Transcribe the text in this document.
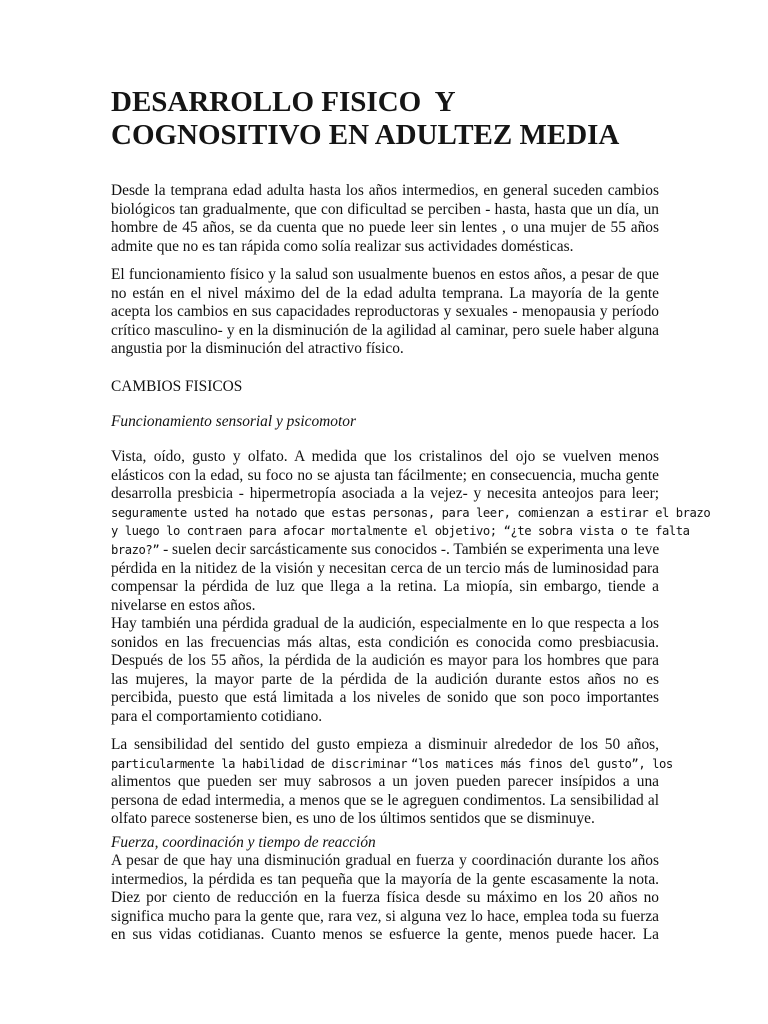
DESARROLLO FISICO  Y
COGNOSITIVO EN ADULTEZ MEDIA

Desde la temprana edad adulta hasta los años intermedios, en general suceden cambios
biológicos tan gradualmente, que con dificultad se perciben - hasta, hasta que un día, un
hombre de 45 años, se da cuenta que no puede leer sin lentes , o una mujer de 55 años
admite que no es tan rápida como solía realizar sus actividades domésticas.

El funcionamiento físico y la salud son usualmente buenos en estos años, a pesar de que
no están en el nivel máximo del de la edad adulta temprana. La mayoría de la gente
acepta los cambios en sus capacidades reproductoras y sexuales - menopausia y período
crítico masculino- y en la disminución de la agilidad al caminar, pero suele haber alguna
angustia por la disminución del atractivo físico.

CAMBIOS FISICOS

Funcionamiento sensorial y psicomotor

Vista, oído, gusto y olfato. A medida que los cristalinos del ojo se vuelven menos
elásticos con la edad, su foco no se ajusta tan fácilmente; en consecuencia, mucha gente
desarrolla presbicia - hipermetropía asociada a la vejez- y necesita anteojos para leer;
seguramente usted ha notado que estas personas, para leer, comienzan a estirar el brazo
y luego lo contraen para afocar mortalmente el objetivo; “¿te sobra vista o te falta
brazo?” - suelen decir sarcásticamente sus conocidos -. También se experimenta una leve
pérdida en la nitidez de la visión y necesitan cerca de un tercio más de luminosidad para
compensar la pérdida de luz que llega a la retina. La miopía, sin embargo, tiende a
nivelarse en estos años.

Hay también una pérdida gradual de la audición, especialmente en lo que respecta a los
sonidos en las frecuencias más altas, esta condición es conocida como presbiacusia.
Después de los 55 años, la pérdida de la audición es mayor para los hombres que para
las mujeres, la mayor parte de la pérdida de la audición durante estos años no es
percibida, puesto que está limitada a los niveles de sonido que son poco importantes
para el comportamiento cotidiano.

La sensibilidad del sentido del gusto empieza a disminuir alrededor de los 50 años,
particularmente la habilidad de discriminar “los matices más finos del gusto”, los
alimentos que pueden ser muy sabrosos a un joven pueden parecer insípidos a una
persona de edad intermedia, a menos que se le agreguen condimentos. La sensibilidad al
olfato parece sostenerse bien, es uno de los últimos sentidos que se disminuye.

Fuerza, coordinación y tiempo de reacción

A pesar de que hay una disminución gradual en fuerza y coordinación durante los años
intermedios, la pérdida es tan pequeña que la mayoría de la gente escasamente la nota.
Diez por ciento de reducción en la fuerza física desde su máximo en los 20 años no
significa mucho para la gente que, rara vez, si alguna vez lo hace, emplea toda su fuerza
en sus vidas cotidianas. Cuanto menos se esfuerce la gente, menos puede hacer. La
